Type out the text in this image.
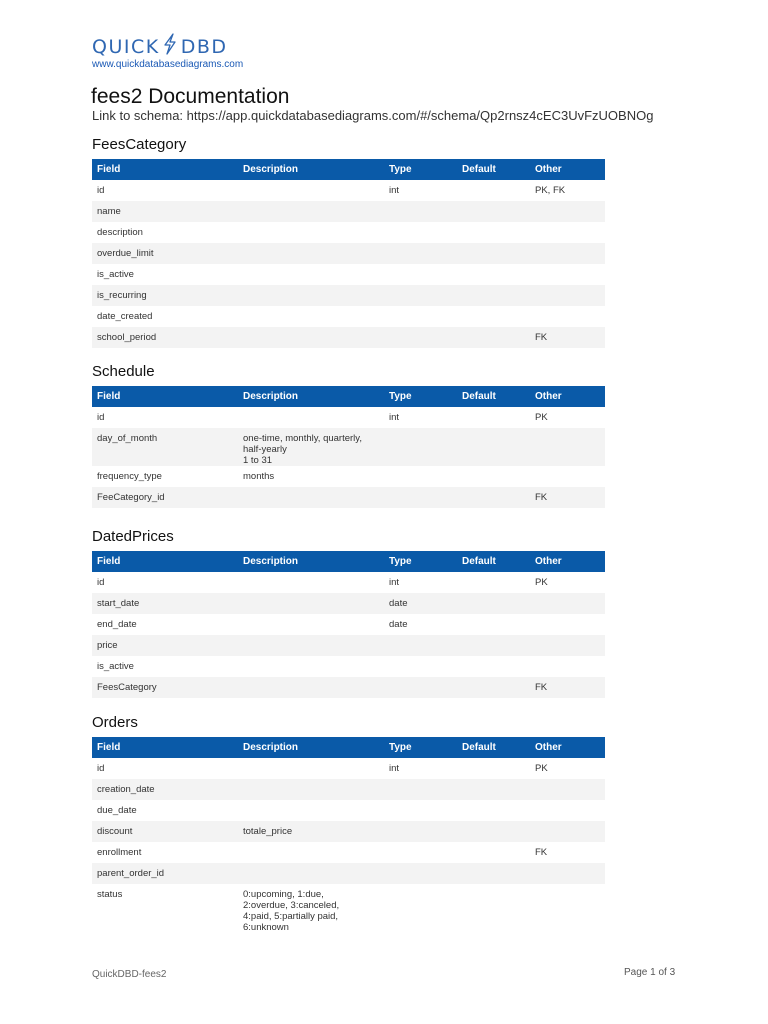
QUICK DBD
www.quickdatabasediagrams.com
fees2 Documentation
Link to schema: https://app.quickdatabasediagrams.com/#/schema/Qp2rnsz4cEC3UvFzUOBNOg
FeesCategory
Field	Description	Type	Default	Other
id		int		PK, FK
name				
description				
overdue_limit				
is_active				
is_recurring				
date_created				
school_period				FK
Schedule
Field	Description	Type	Default	Other
id		int		PK
day_of_month	one-time, monthly, quarterly,
half-yearly
1 to 31			
frequency_type	months			
FeeCategory_id				FK
DatedPrices
Field	Description	Type	Default	Other
id		int		PK
start_date		date		
end_date		date		
price				
is_active				
FeesCategory				FK
Orders
Field	Description	Type	Default	Other
id		int		PK
creation_date				
due_date				
discount	totale_price			
enrollment				FK
parent_order_id				
status	0:upcoming, 1:due,
2:overdue, 3:canceled,
4:paid, 5:partially paid,
6:unknown			
QuickDBD-fees2	Page 1 of 3
